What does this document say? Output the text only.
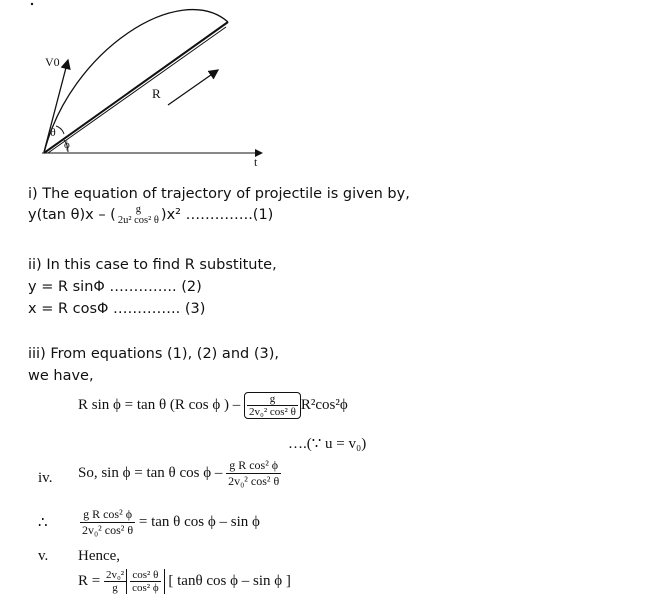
V0
R
θ
ϕ
t
i) The equation of trajectory of projectile is given by,
y(tan θ)x – (	g
2u² cos² θ )x² …………..(1)
ii) In this case to find R substitute,
y = R sinΦ ………….. (2)
x = R cosΦ ………….. (3)
iii) From equations (1), (2) and (3),
we have,
R sin ϕ = tan θ (R cos ϕ ) – $\frac{g}{\text{2v₀² cos² θ}} R^2\cos^2\phi$
….(∵ u = v₀)
iv. So, sin ϕ = tan θ cos ϕ – $\frac{\text{g R cos² ϕ}}{\text{2v₀² cos² θ}}$
∴	$\frac{\text{g R cos² ϕ}}{\text{2v₀² cos² θ}} = \tan \theta$ cos ϕ – sin ϕ
v. Hence,
$R = \frac{\text{2v₀²}}{g} \frac{\text{cos² θ}}{\text{cos² ϕ}}$ [ tanθ cos ϕ – sin ϕ ]
